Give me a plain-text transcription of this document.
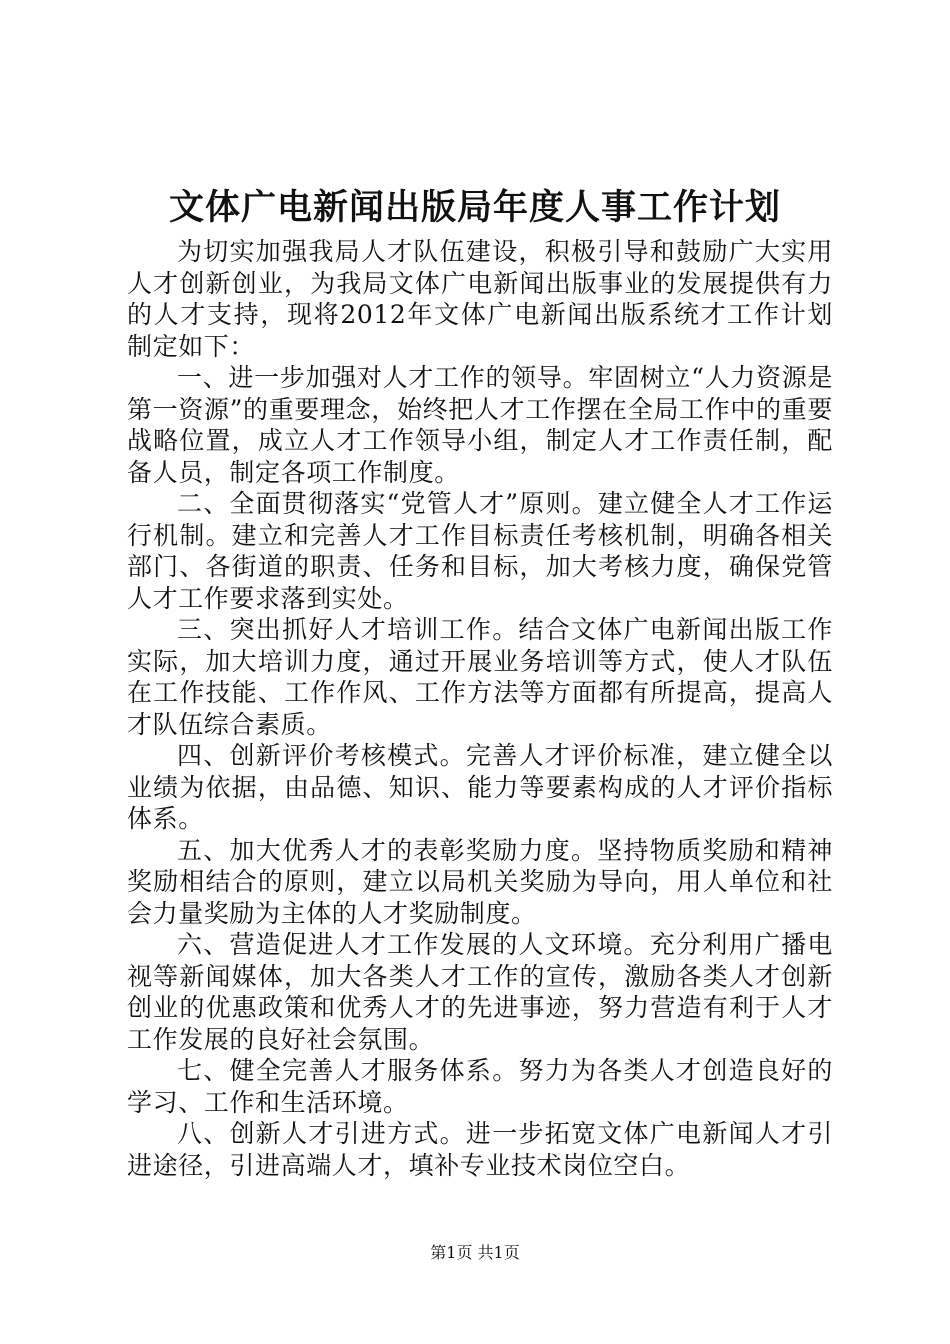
文体广电新闻出版局年度人事工作计划

为切实加强我局人才队伍建设，积极引导和鼓励广大实用人才创新创业，为我局文体广电新闻出版事业的发展提供有力的人才支持，现将2012年文体广电新闻出版系统才工作计划制定如下：

一、进一步加强对人才工作的领导。牢固树立“人力资源是第一资源”的重要理念，始终把人才工作摆在全局工作中的重要战略位置，成立人才工作领导小组，制定人才工作责任制，配备人员，制定各项工作制度。

二、全面贯彻落实“党管人才”原则。建立健全人才工作运行机制。建立和完善人才工作目标责任考核机制，明确各相关部门、各街道的职责、任务和目标，加大考核力度，确保党管人才工作要求落到实处。

三、突出抓好人才培训工作。结合文体广电新闻出版工作实际，加大培训力度，通过开展业务培训等方式，使人才队伍在工作技能、工作作风、工作方法等方面都有所提高，提高人才队伍综合素质。

四、创新评价考核模式。完善人才评价标准，建立健全以业绩为依据，由品德、知识、能力等要素构成的人才评价指标体系。

五、加大优秀人才的表彰奖励力度。坚持物质奖励和精神奖励相结合的原则，建立以局机关奖励为导向，用人单位和社会力量奖励为主体的人才奖励制度。

六、营造促进人才工作发展的人文环境。充分利用广播电视等新闻媒体，加大各类人才工作的宣传，激励各类人才创新创业的优惠政策和优秀人才的先进事迹，努力营造有利于人才工作发展的良好社会氛围。

七、健全完善人才服务体系。努力为各类人才创造良好的学习、工作和生活环境。

八、创新人才引进方式。进一步拓宽文体广电新闻人才引进途径，引进高端人才，填补专业技术岗位空白。

第1页 共1页
